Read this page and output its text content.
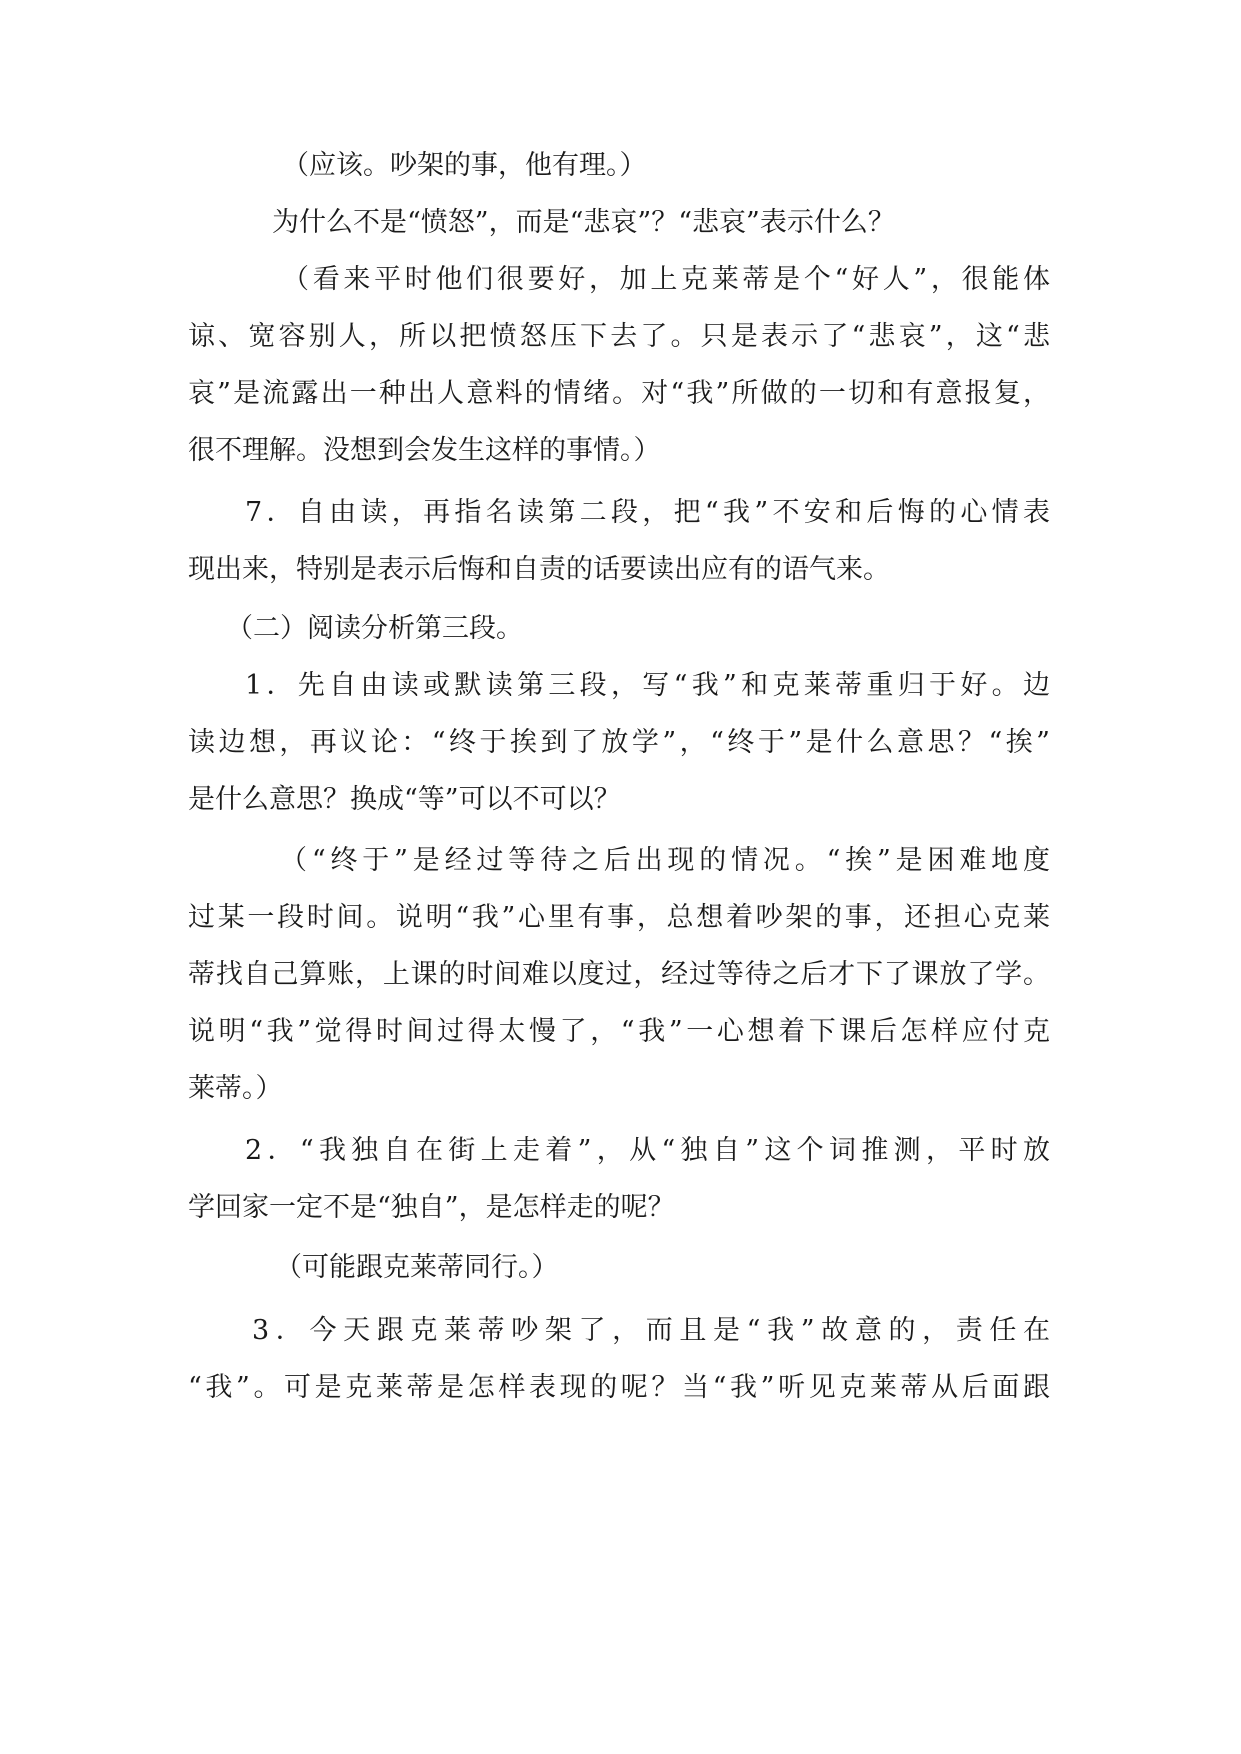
（应该。吵架的事，他有理。）
为什么不是“愤怒”，而是“悲哀”？“悲哀”表示什么？
（看来平时他们很要好，加上克莱蒂是个“好人”，很能体
谅、宽容别人，所以把愤怒压下去了。只是表示了“悲哀”，这“悲
哀”是流露出一种出人意料的情绪。对“我”所做的一切和有意报复，
很不理解。没想到会发生这样的事情。）
7．自由读，再指名读第二段，把“我”不安和后悔的心情表
现出来，特别是表示后悔和自责的话要读出应有的语气来。
（二）阅读分析第三段。
1．先自由读或默读第三段，写“我”和克莱蒂重归于好。边
读边想，再议论：“终于挨到了放学”，“终于”是什么意思？“挨”
是什么意思？换成“等”可以不可以？
（“终于”是经过等待之后出现的情况。“挨”是困难地度
过某一段时间。说明“我”心里有事，总想着吵架的事，还担心克莱
蒂找自己算账，上课的时间难以度过，经过等待之后才下了课放了学。
说明“我”觉得时间过得太慢了，“我”一心想着下课后怎样应付克
莱蒂。）
2．“我独自在街上走着”，从“独自”这个词推测，平时放
学回家一定不是“独自”，是怎样走的呢？
（可能跟克莱蒂同行。）
3．今天跟克莱蒂吵架了，而且是“我”故意的，责任在
“我”。可是克莱蒂是怎样表现的呢？当“我”听见克莱蒂从后面跟
